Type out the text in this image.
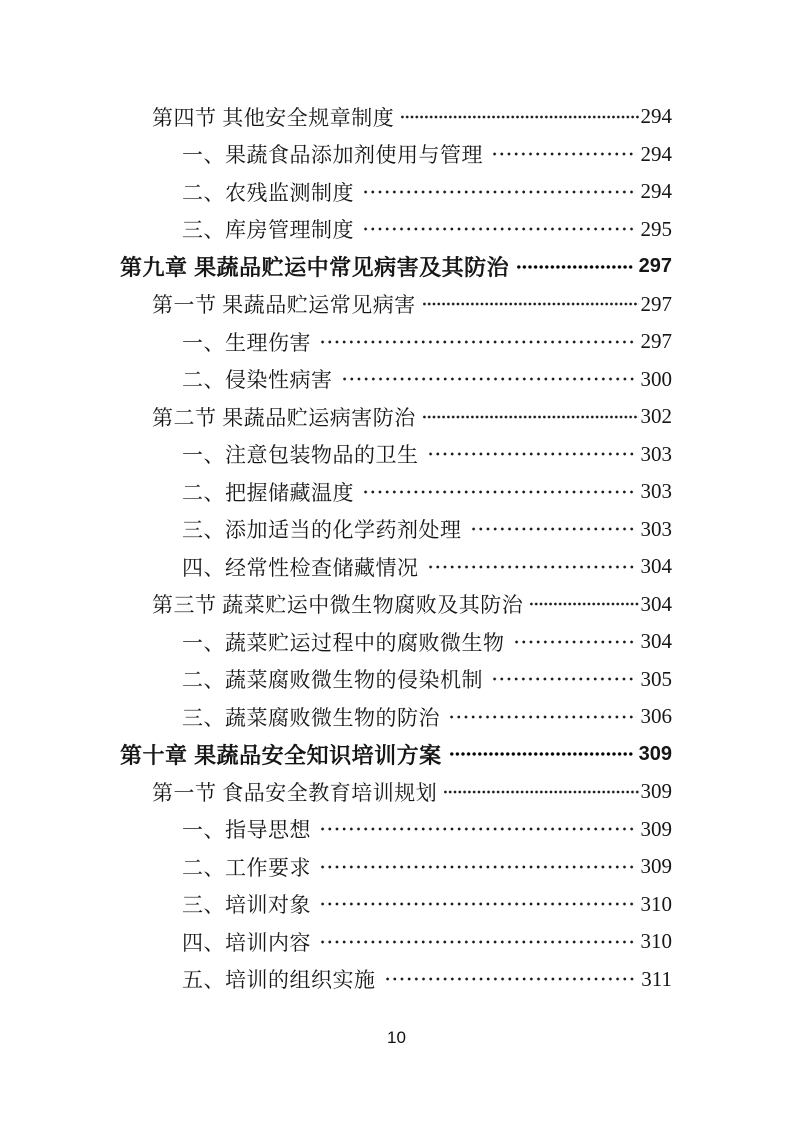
第四节 其他安全规章制度	294
一、果蔬食品添加剂使用与管理	294
二、农残监测制度	294
三、库房管理制度	295
第九章 果蔬品贮运中常见病害及其防治	297
第一节 果蔬品贮运常见病害	297
一、生理伤害	297
二、侵染性病害	300
第二节 果蔬品贮运病害防治	302
一、注意包装物品的卫生	303
二、把握储藏温度	303
三、添加适当的化学药剂处理	303
四、经常性检查储藏情况	304
第三节 蔬菜贮运中微生物腐败及其防治	304
一、蔬菜贮运过程中的腐败微生物	304
二、蔬菜腐败微生物的侵染机制	305
三、蔬菜腐败微生物的防治	306
第十章 果蔬品安全知识培训方案	309
第一节 食品安全教育培训规划	309
一、指导思想	309
二、工作要求	309
三、培训对象	310
四、培训内容	310
五、培训的组织实施	311
10
